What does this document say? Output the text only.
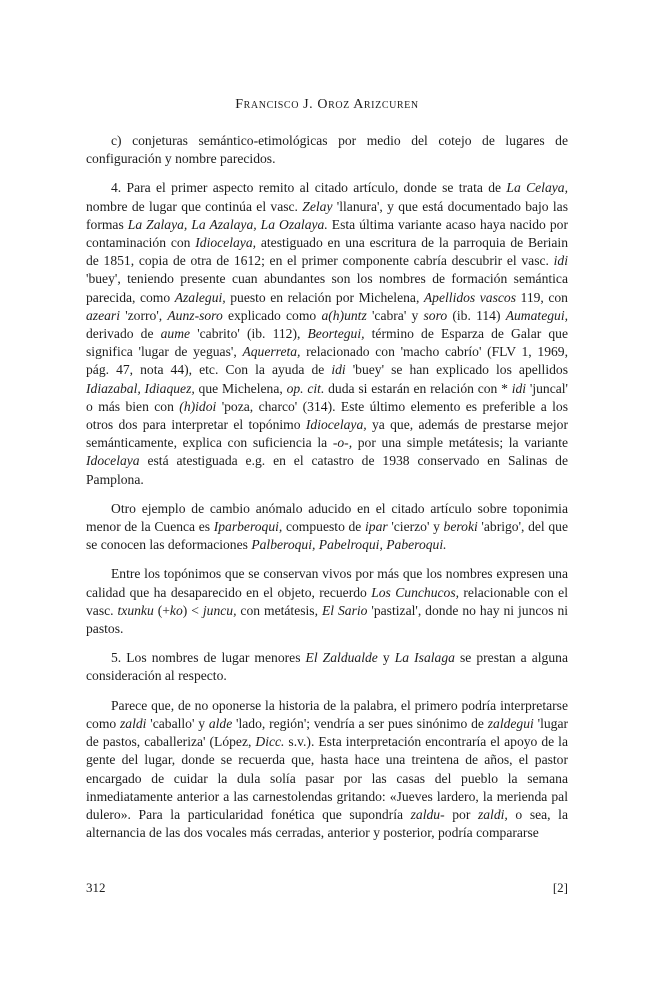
Francisco J. Oroz Arizcuren

c) conjeturas semántico-etimológicas por medio del cotejo de lugares de configuración y nombre parecidos.

4. Para el primer aspecto remito al citado artículo, donde se trata de La Celaya, nombre de lugar que continúa el vasc. Zelay 'llanura', y que está documentado bajo las formas La Zalaya, La Azalaya, La Ozalaya. Esta última variante acaso haya nacido por contaminación con Idiocelaya, atestiguado en una escritura de la parroquia de Beriain de 1851, copia de otra de 1612; en el primer componente cabría descubrir el vasc. idi 'buey', teniendo presente cuan abundantes son los nombres de formación semántica parecida, como Azalegui, puesto en relación por Michelena, Apellidos vascos 119, con azeari 'zorro', Aunz-soro explicado como a(h)untz 'cabra' y soro (ib. 114) Aumategui, derivado de aume 'cabrito' (ib. 112), Beortegui, término de Esparza de Galar que significa 'lugar de yeguas', Aquerreta, relacionado con 'macho cabrío' (FLV 1, 1969, pág. 47, nota 44), etc. Con la ayuda de idi 'buey' se han explicado los apellidos Idiazabal, Idiaquez, que Michelena, op. cit. duda si estarán en relación con * idi 'juncal' o más bien con (h)idoi 'poza, charco' (314). Este último elemento es preferible a los otros dos para interpretar el topónimo Idiocelaya, ya que, además de prestarse mejor semánticamente, explica con suficiencia la -o-, por una simple metátesis; la variante Idocelaya está atestiguada e.g. en el catastro de 1938 conservado en Salinas de Pamplona.

Otro ejemplo de cambio anómalo aducido en el citado artículo sobre toponimia menor de la Cuenca es Iparberoqui, compuesto de ipar 'cierzo' y beroki 'abrigo', del que se conocen las deformaciones Palberoqui, Pabelroqui, Paberoqui.

Entre los topónimos que se conservan vivos por más que los nombres expresen una calidad que ha desaparecido en el objeto, recuerdo Los Cunchucos, relacionable con el vasc. txunku (+ko) < juncu, con metátesis, El Sario 'pastizal', donde no hay ni juncos ni pastos.

5. Los nombres de lugar menores El Zaldualde y La Isalaga se prestan a alguna consideración al respecto.

Parece que, de no oponerse la historia de la palabra, el primero podría interpretarse como zaldi 'caballo' y alde 'lado, región'; vendría a ser pues sinónimo de zaldegui 'lugar de pastos, caballeriza' (López, Dicc. s.v.). Esta interpretación encontraría el apoyo de la gente del lugar, donde se recuerda que, hasta hace una treintena de años, el pastor encargado de cuidar la dula solía pasar por las casas del pueblo la semana inmediatamente anterior a las carnestolendas gritando: «Jueves lardero, la merienda pal dulero». Para la particularidad fonética que supondría zaldu- por zaldi, o sea, la alternancia de las dos vocales más cerradas, anterior y posterior, podría compararse

312	[2]
